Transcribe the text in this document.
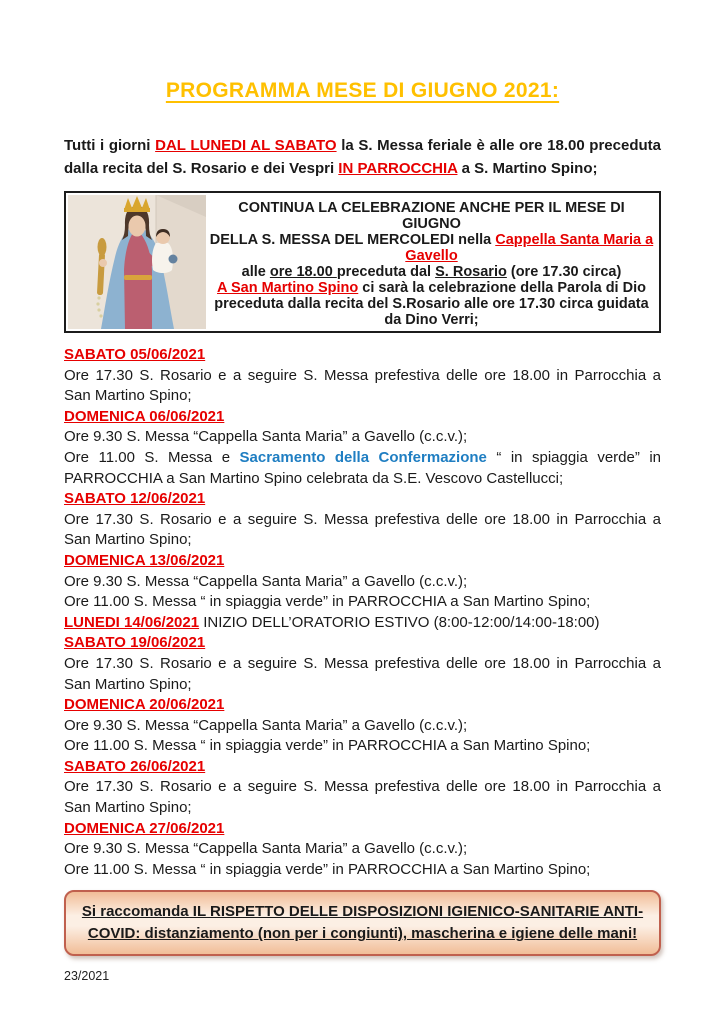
PROGRAMMA MESE DI GIUGNO 2021:

Tutti i giorni DAL LUNEDI AL SABATO la S. Messa feriale è alle ore 18.00 preceduta dalla recita del S. Rosario e dei Vespri IN PARROCCHIA a S. Martino Spino;

CONTINUA LA CELEBRAZIONE ANCHE PER IL MESE DI GIUGNO
DELLA S. MESSA DEL MERCOLEDI nella Cappella Santa Maria a Gavello
alle ore 18.00 preceduta dal S. Rosario (ore 17.30 circa)
A San Martino Spino ci sarà la celebrazione della Parola di Dio
preceduta dalla recita del S.Rosario alle ore 17.30 circa guidata da Dino Verri;
SABATO 05/06/2021
Ore 17.30 S. Rosario e a seguire S. Messa prefestiva delle ore 18.00 in Parrocchia a
San Martino Spino;
DOMENICA 06/06/2021
Ore 9.30 S. Messa “Cappella Santa Maria” a Gavello (c.c.v.);
Ore 11.00 S. Messa e Sacramento della Confermazione “ in spiaggia verde” in
PARROCCHIA a San Martino Spino celebrata da S.E. Vescovo Castellucci;
SABATO 12/06/2021
Ore 17.30 S. Rosario e a seguire S. Messa prefestiva delle ore 18.00 in Parrocchia a
San Martino Spino;
DOMENICA 13/06/2021
Ore 9.30 S. Messa “Cappella Santa Maria” a Gavello (c.c.v.);
Ore 11.00 S. Messa “ in spiaggia verde” in PARROCCHIA a San Martino Spino;
LUNEDI 14/06/2021 INIZIO DELL’ORATORIO ESTIVO (8:00-12:00/14:00-18:00)
SABATO 19/06/2021
Ore 17.30 S. Rosario e a seguire S. Messa prefestiva delle ore 18.00 in Parrocchia a
San Martino Spino;
DOMENICA 20/06/2021
Ore 9.30 S. Messa “Cappella Santa Maria” a Gavello (c.c.v.);
Ore 11.00 S. Messa “ in spiaggia verde” in PARROCCHIA a San Martino Spino;
SABATO 26/06/2021
Ore 17.30 S. Rosario e a seguire S. Messa prefestiva delle ore 18.00 in Parrocchia a
San Martino Spino;
DOMENICA 27/06/2021
Ore 9.30 S. Messa “Cappella Santa Maria” a Gavello (c.c.v.);
Ore 11.00 S. Messa “ in spiaggia verde” in PARROCCHIA a San Martino Spino;

Si raccomanda IL RISPETTO DELLE DISPOSIZIONI IGIENICO-SANITARIE ANTI-COVID: distanziamento (non per i congiunti), mascherina e igiene delle mani!

23/2021
